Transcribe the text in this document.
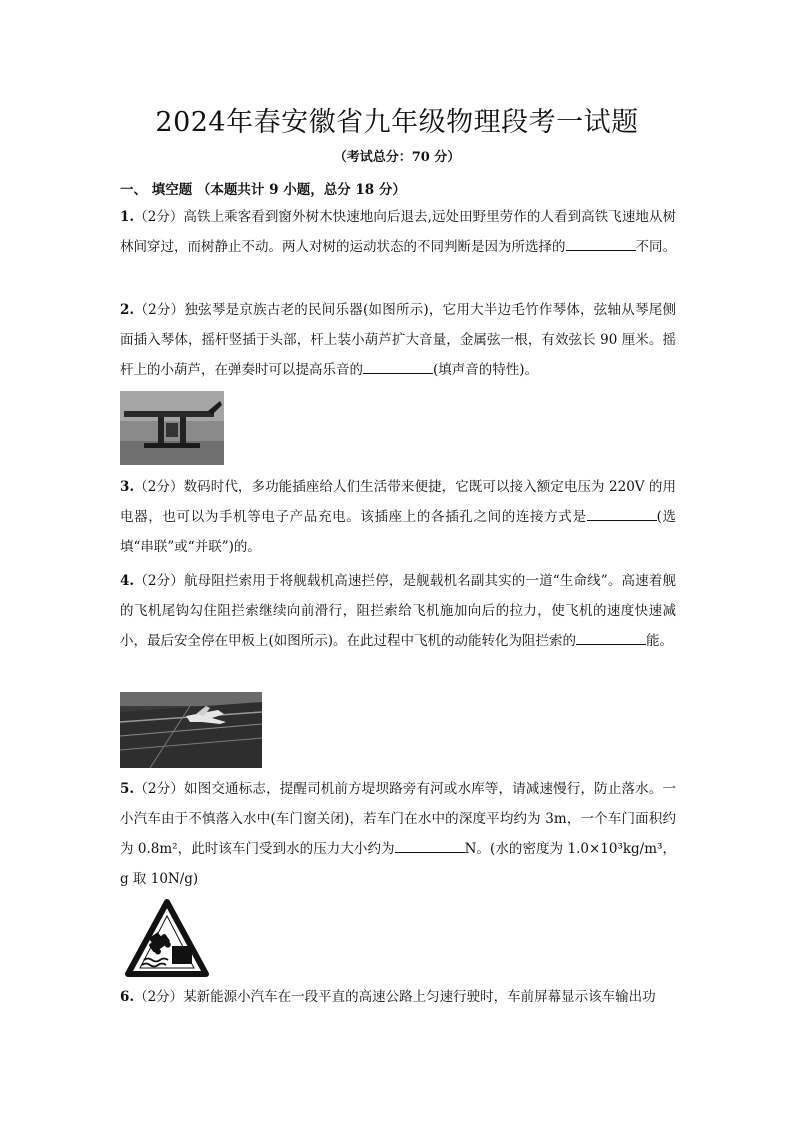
2024年春安徽省九年级物理段考一试题
（考试总分：70 分）
一、 填空题 （本题共计 9 小题，总分 18 分）
1.（2分）高铁上乘客看到窗外树木快速地向后退去,远处田野里劳作的人看到高铁飞速地从树林间穿过，而树静止不动。两人对树的运动状态的不同判断是因为所选择的	不同。
2.（2分）独弦琴是京族古老的民间乐器(如图所示)，它用大半边毛竹作琴体，弦轴从琴尾侧面插入琴体，摇杆竖插于头部，杆上装小葫芦扩大音量，金属弦一根，有效弦长 90 厘米。摇杆上的小葫芦，在弹奏时可以提高乐音的	(填声音的特性)。
3.（2分）数码时代，多功能插座给人们生活带来便捷，它既可以接入额定电压为 220V 的用电器，也可以为手机等电子产品充电。该插座上的各插孔之间的连接方式是	(选填“串联”或“并联”)的。
4.（2分）航母阻拦索用于将舰载机高速拦停，是舰载机名副其实的一道“生命线”。高速着舰的飞机尾钩勾住阻拦索继续向前滑行，阻拦索给飞机施加向后的拉力，使飞机的速度快速减小，最后安全停在甲板上(如图所示)。在此过程中飞机的动能转化为阻拦索的	能。
5.（2分）如图交通标志，提醒司机前方堤坝路旁有河或水库等，请减速慢行，防止落水。一小汽车由于不慎落入水中(车门窗关闭)，若车门在水中的深度平均约为 3m，一个车门面积约为 0.8m²，此时该车门受到水的压力大小约为	N。(水的密度为 1.0×10³kg/m³，g 取 10N/g)
6.（2分）某新能源小汽车在一段平直的高速公路上匀速行驶时，车前屏幕显示该车输出功
